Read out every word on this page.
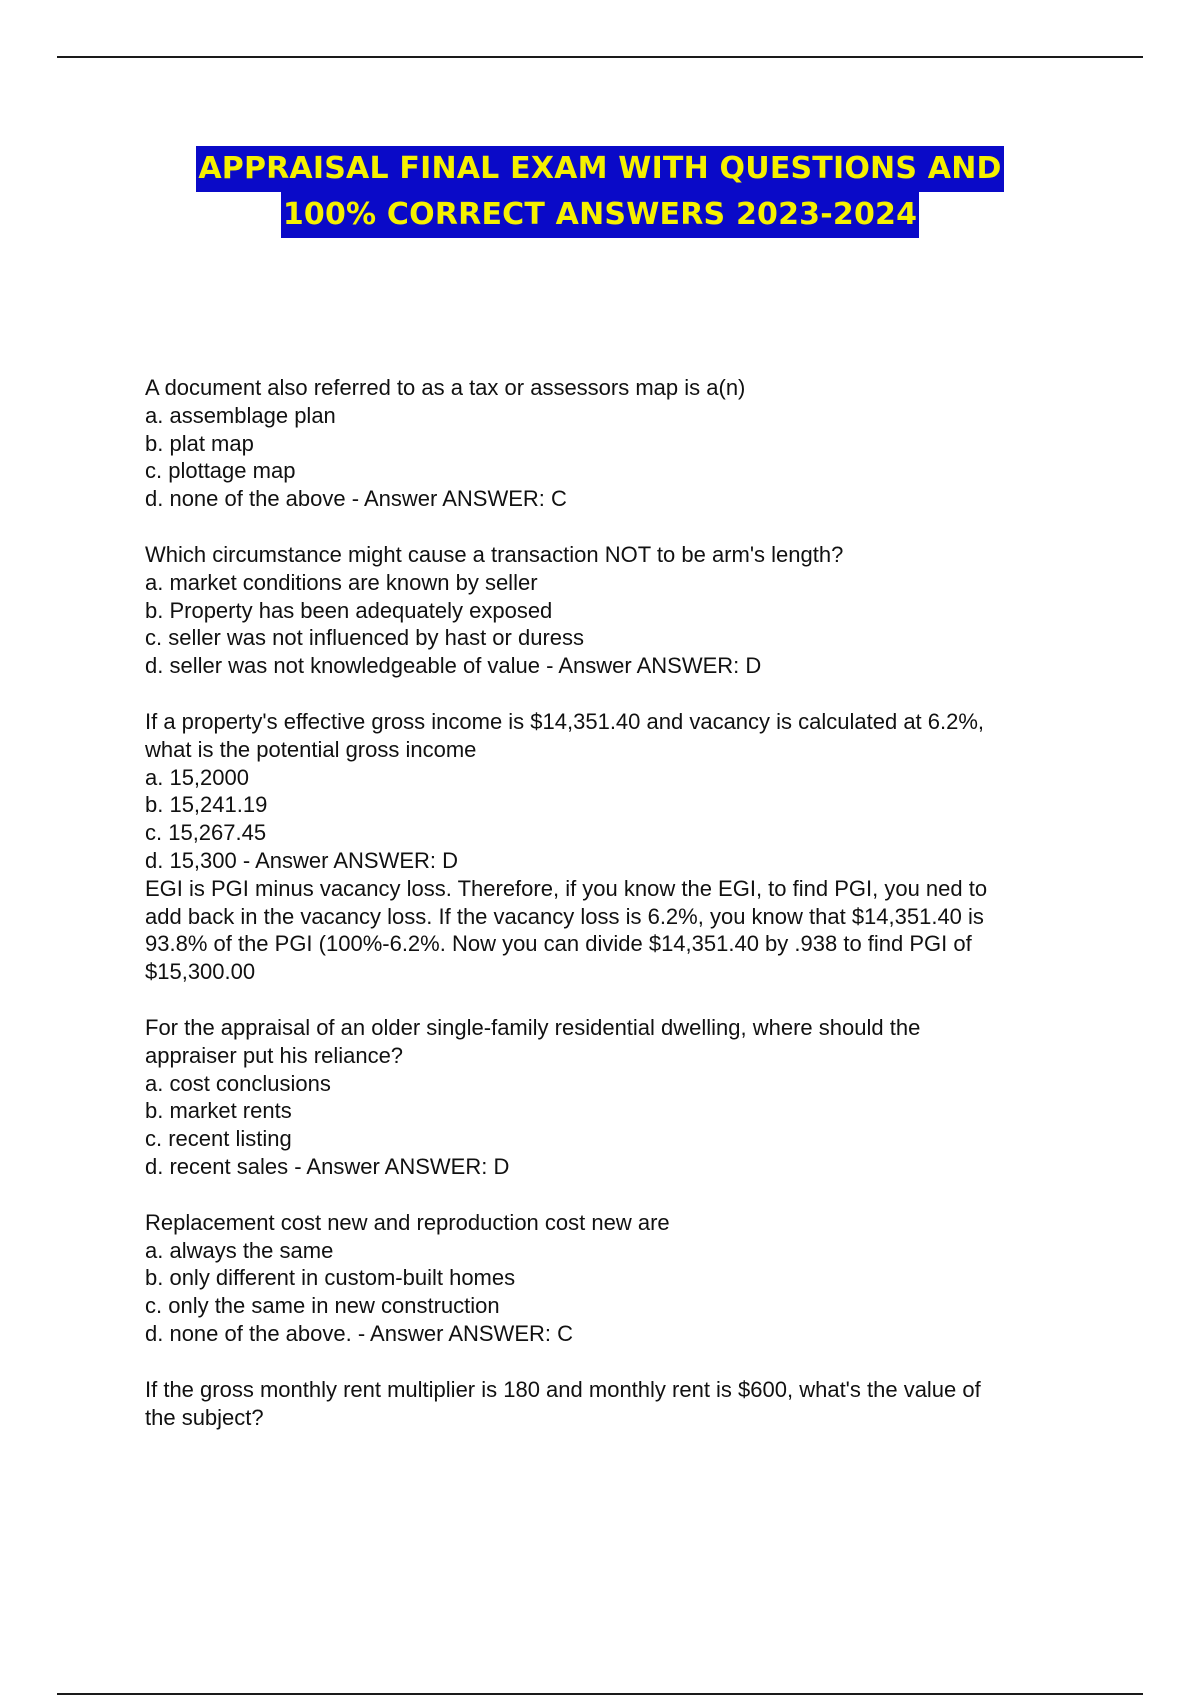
APPRAISAL FINAL EXAM WITH QUESTIONS AND
100% CORRECT ANSWERS 2023-2024
A document also referred to as a tax or assessors map is a(n)
a. assemblage plan
b. plat map
c. plottage map
d. none of the above - Answer ANSWER: C
Which circumstance might cause a transaction NOT to be arm's length?
a. market conditions are known by seller
b. Property has been adequately exposed
c. seller was not influenced by hast or duress
d. seller was not knowledgeable of value - Answer ANSWER: D
If a property's effective gross income is $14,351.40 and vacancy is calculated at 6.2%,
what is the potential gross income
a. 15,2000
b. 15,241.19
c. 15,267.45
d. 15,300 - Answer ANSWER: D
EGI is PGI minus vacancy loss. Therefore, if you know the EGI, to find PGI, you ned to
add back in the vacancy loss. If the vacancy loss is 6.2%, you know that $14,351.40 is
93.8% of the PGI (100%-6.2%. Now you can divide $14,351.40 by .938 to find PGI of
$15,300.00
For the appraisal of an older single-family residential dwelling, where should the
appraiser put his reliance?
a. cost conclusions
b. market rents
c. recent listing
d. recent sales - Answer ANSWER: D
Replacement cost new and reproduction cost new are
a. always the same
b. only different in custom-built homes
c. only the same in new construction
d. none of the above. - Answer ANSWER: C
If the gross monthly rent multiplier is 180 and monthly rent is $600, what's the value of
the subject?
